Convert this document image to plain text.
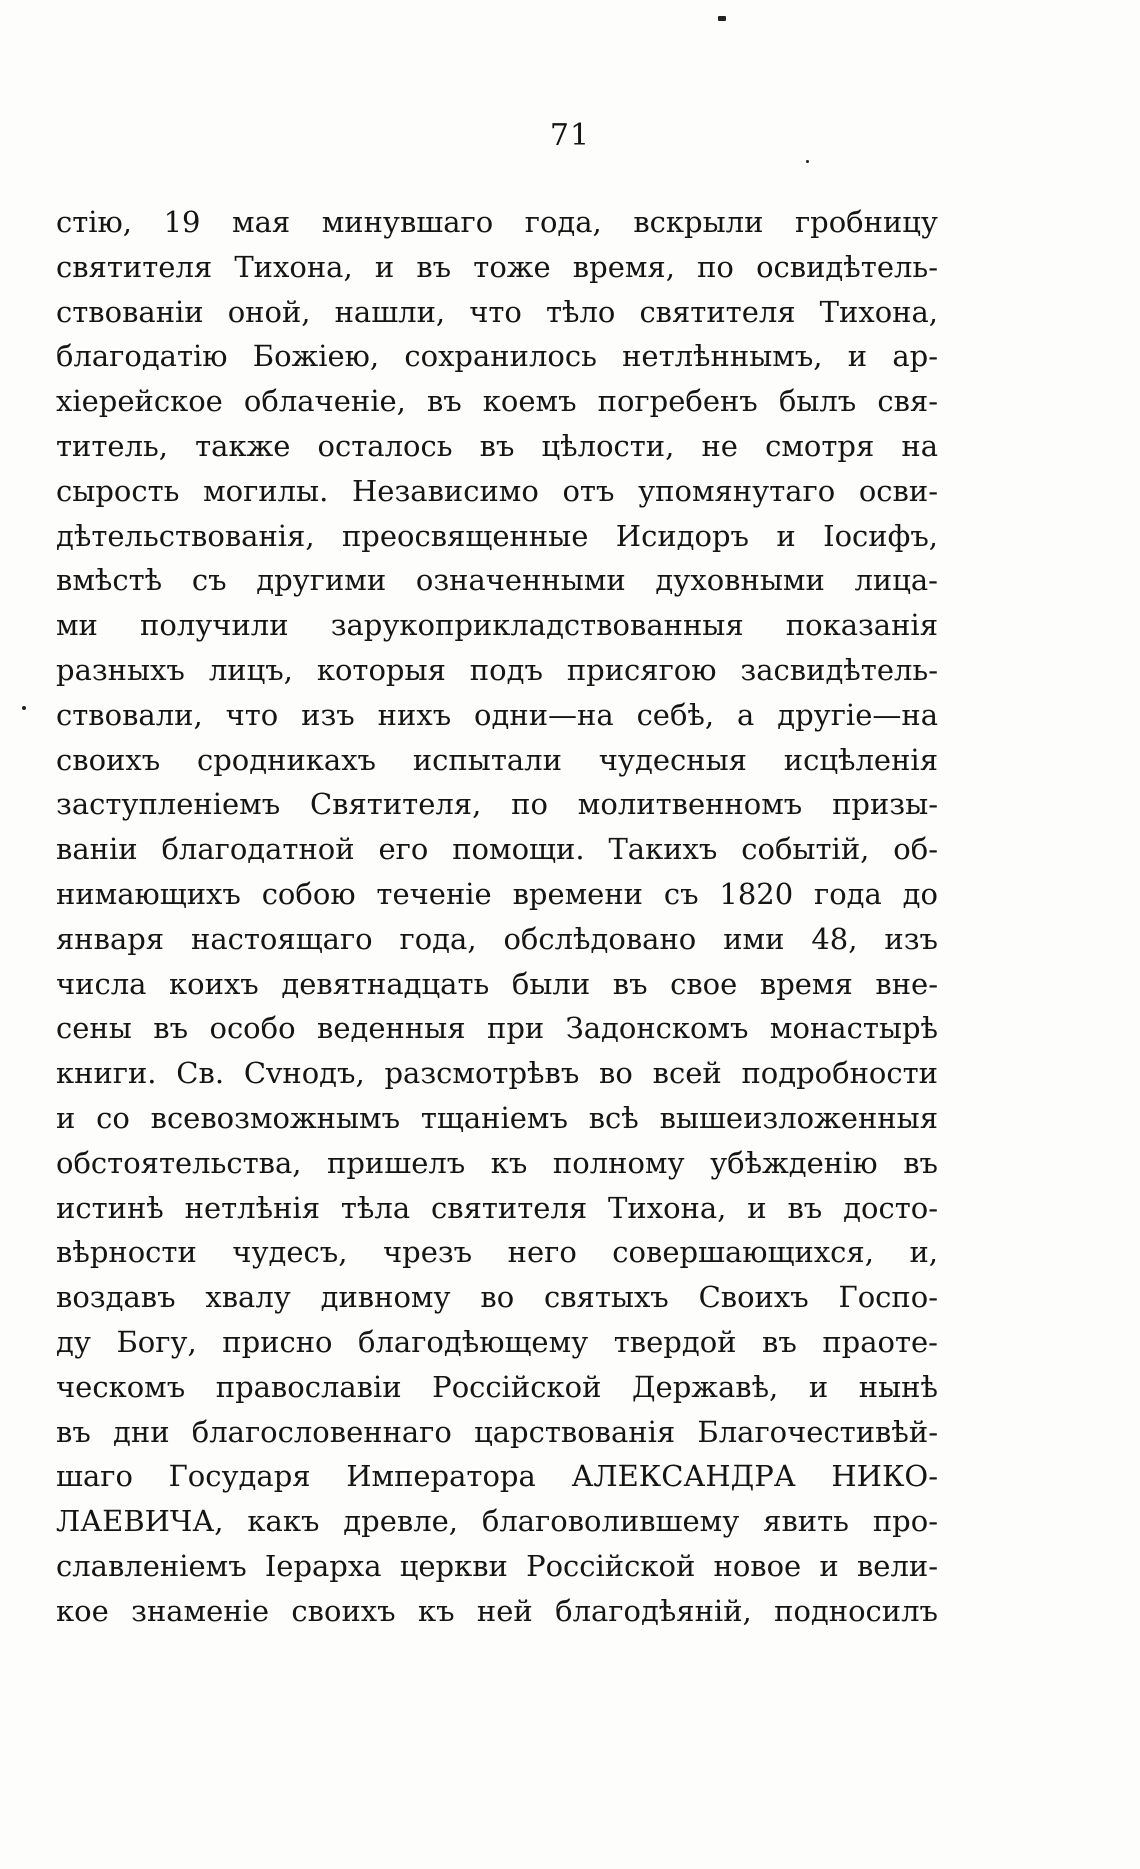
71
стію, 19 мая минувшаго года, вскрыли гробницу
святителя Тихона, и въ тоже время, по освидѣтель-
ствованіи оной, нашли, что тѣло святителя Тихона,
благодатію Божіею, сохранилось нетлѣннымъ, и ар-
хіерейское облаченіе, въ коемъ погребенъ былъ свя-
титель, также осталось въ цѣлости, не смотря на
сырость могилы. Независимо отъ упомянутаго осви-
дѣтельствованія, преосвященные Исидоръ и Іосифъ,
вмѣстѣ съ другими означенными духовными лица-
ми получили зарукоприкладствованныя показанія
разныхъ лицъ, которыя подъ присягою засвидѣтель-
ствовали, что изъ нихъ одни—на себѣ, а другіе—на
своихъ сродникахъ испытали чудесныя исцѣленія
заступленіемъ Святителя, по молитвенномъ призы-
ваніи благодатной его помощи. Такихъ событій, об-
нимающихъ собою теченіе времени съ 1820 года до
января настоящаго года, обслѣдовано ими 48, изъ
числа коихъ девятнадцать были въ свое время вне-
сены въ особо веденныя при Задонскомъ монастырѣ
книги. Св. Сvнодъ, разсмотрѣвъ во всей подробности
и со всевозможнымъ тщаніемъ всѣ вышеизложенныя
обстоятельства, пришелъ къ полному убѣжденію въ
истинѣ нетлѣнія тѣла святителя Тихона, и въ досто-
вѣрности чудесъ, чрезъ него совершающихся, и,
воздавъ хвалу дивному во святыхъ Своихъ Госпо-
ду Богу, присно благодѣющему твердой въ праоте-
ческомъ православіи Россійской Державѣ, и нынѣ
въ дни благословеннаго царствованія Благочестивѣй-
шаго Государя Императора АЛЕКСАНДРА НИКО-
ЛАЕВИЧА, какъ древле, благоволившему явить про-
славленіемъ Іерарха церкви Россійской новое и вели-
кое знаменіе своихъ къ ней благодѣяній, подносилъ
